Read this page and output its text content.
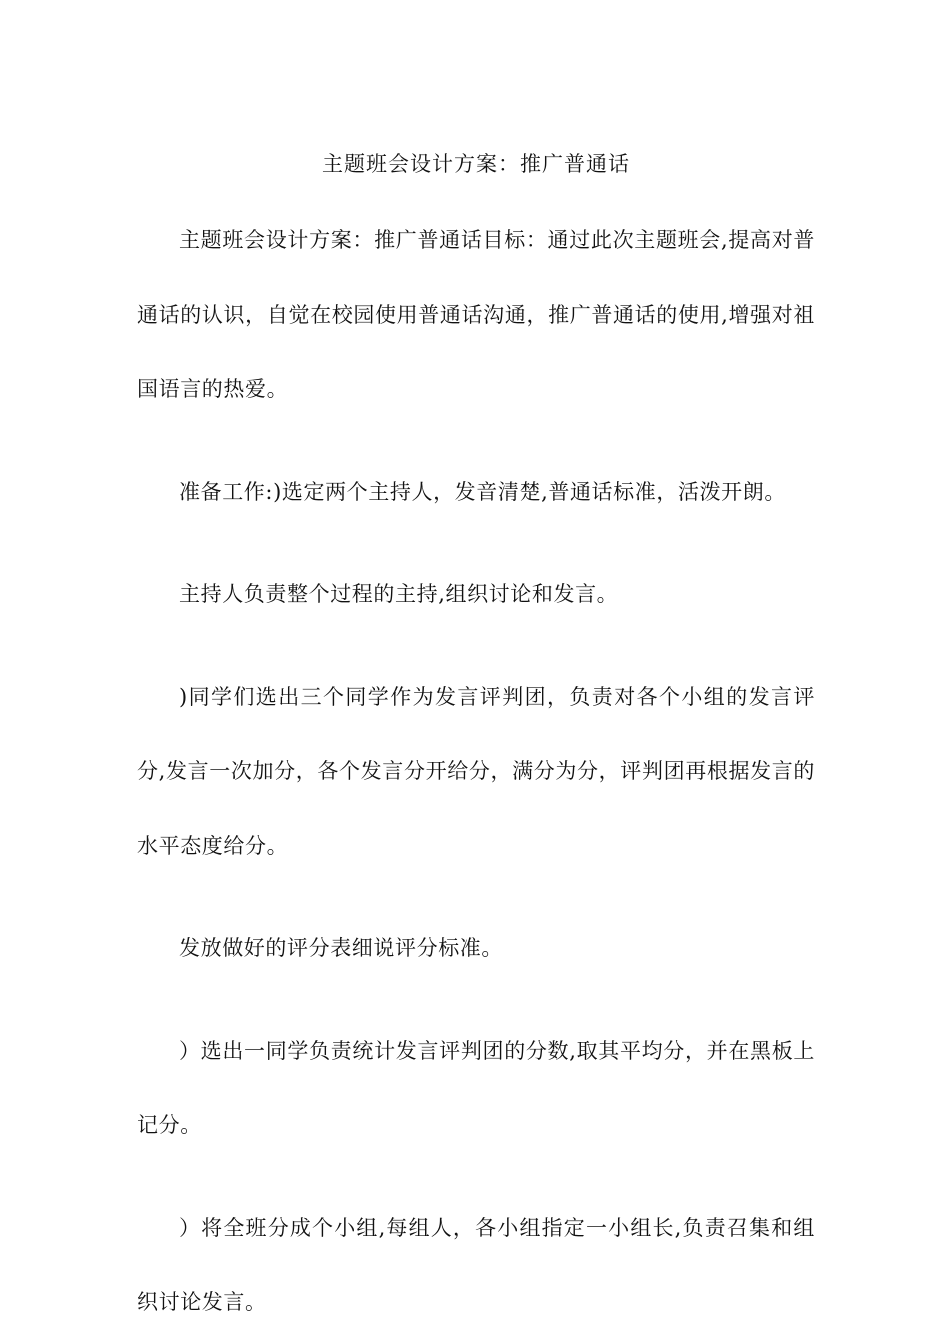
主题班会设计方案：推广普通话

主题班会设计方案：推广普通话目标：通过此次主题班会,提高对普通话的认识，自觉在校园使用普通话沟通，推广普通话的使用,增强对祖国语言的热爱。

准备工作:)选定两个主持人，发音清楚,普通话标准，活泼开朗。

主持人负责整个过程的主持,组织讨论和发言。

)同学们选出三个同学作为发言评判团，负责对各个小组的发言评分,发言一次加分，各个发言分开给分，满分为分，评判团再根据发言的水平态度给分。

发放做好的评分表细说评分标准。

）选出一同学负责统计发言评判团的分数,取其平均分，并在黑板上记分。

）将全班分成个小组,每组人，各小组指定一小组长,负责召集和组织讨论发言。
